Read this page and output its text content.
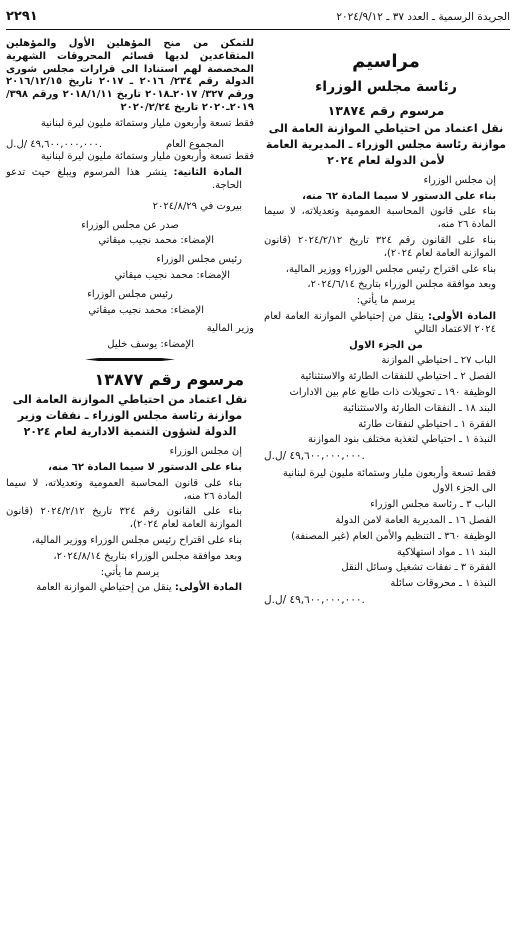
الجريدة الرسمية ـ العدد ٣٧ ـ ٢٠٢٤/٩/١٢
٢٢٩١
مراسيم
رئاسة مجلس الوزراء
مرسوم رقم ١٣٨٧٤
نقل اعتماد من احتياطي الموازنة العامة الى موازنة رئاسة مجلس الوزراء ـ المديرية العامة لأمن الدولة لعام ٢٠٢٤
إن مجلس الوزراء
بناء على الدستور لا سيما المادة ٦٢ منه،
بناء على قانون المحاسبة العمومية وتعديلاته، لا سيما المادة ٢٦ منه،
بناء على القانون رقم ٣٢٤ تاريخ ٢٠٢٤/٢/١٢ (قانون الموازنة العامة لعام ٢٠٢٤)،
بناء على اقتراح رئيس مجلس الوزراء ووزير المالية،
وبعد موافقة مجلس الوزراء بتاريخ ٢٠٢٤/٦/١٤،
يرسم ما يأتي:
المادة الأولى: ينقل من إحتياطي الموازنة العامة لعام ٢٠٢٤ الاعتماد التالي
من الجزء الاول
الباب ٢٧ ـ احتياطي الموازنة
الفصل ٢ ـ احتياطي للنفقات الطارئة والاستثنائية
الوظيفة ١٩٠ ـ تحويلات ذات طابع عام بين الادارات
البند ١٨ ـ النفقات الطارئة والاستثنائية
الفقرة ١ ـ احتياطي لنفقات طارئة
النبذة ١ ـ احتياطي لتغذية مختلف بنود الموازنة
٤٩,٦٠٠,٠٠٠,٠٠٠ /ل.ل.
فقط تسعة وأربعون مليار وستمائة مليون ليرة لبنانية
الى الجزء الاول
الباب ٣ ـ رئاسة مجلس الوزراء
الفصل ١٦ ـ المديرية العامة لامن الدولة
الوظيفة ٣٦٠ ـ التنظيم والأمن العام (غير المصنفة)
البند ١١ ـ مواد استهلاكية
الفقرة ٣ ـ نفقات تشغيل وسائل النقل
النبذة ١ ـ محروقات سائلة
٤٩,٦٠٠,٠٠٠,٠٠٠ /ل.ل.
للتمكن من منح المؤهلين الأول والمؤهلين المتقاعدين لديها قسائم المحروقات الشهرية المخصصة لهم استنادا الى قرارات مجلس شورى الدولة رقم ٢٣٤/ ٢٠١٦ ـ ٢٠١٧ تاريخ ٢٠١٦/١٢/١٥ ورقم ٣٢٧/ ٢٠١٧ـ٢٠١٨ تاريخ ٢٠١٨/١/١١ ورقم ٣٩٨/ ٢٠١٩ـ٢٠٢٠ تاريخ ٢٠٢٠/٢/٢٤
فقط تسعة وأربعون مليار وستمائة مليون ليرة لبنانية
المجموع العام
٤٩,٦٠٠,٠٠٠,٠٠٠ /ل.ل.
فقط تسعة وأربعون مليار وستمائة مليون ليرة لبنانية
المادة الثانية: ينشر هذا المرسوم ويبلغ حيث تدعو الحاجة.
بيروت في ٢٠٢٤/٨/٢٩
صدر عن مجلس الوزراء
الإمضاء: محمد نجيب ميقاتي
رئيس مجلس الوزراء
الإمضاء: محمد نجيب ميقاتي
رئيس مجلس الوزراء
الإمضاء: محمد نجيب ميقاتي
وزير المالية
الإمضاء: يوسف خليل
مرسوم رقم ١٣٨٧٧
نقل اعتماد من احتياطي الموازنة العامة الى موازنة رئاسة مجلس الوزراء ـ نفقات وزير الدولة لشؤون التنمية الادارية لعام ٢٠٢٤
إن مجلس الوزراء
بناء على الدستور لا سيما المادة ٦٢ منه،
بناء على قانون المحاسبة العمومية وتعديلاته، لا سيما المادة ٢٦ منه،
بناء على القانون رقم ٣٢٤ تاريخ ٢٠٢٤/٢/١٢ (قانون الموازنة العامة لعام ٢٠٢٤)،
بناء على اقتراح رئيس مجلس الوزراء ووزير المالية،
وبعد موافقة مجلس الوزراء بتاريخ ٢٠٢٤/٨/١٤،
يرسم ما يأتي:
المادة الأولى: ينقل من إحتياطي الموازنة العامة
